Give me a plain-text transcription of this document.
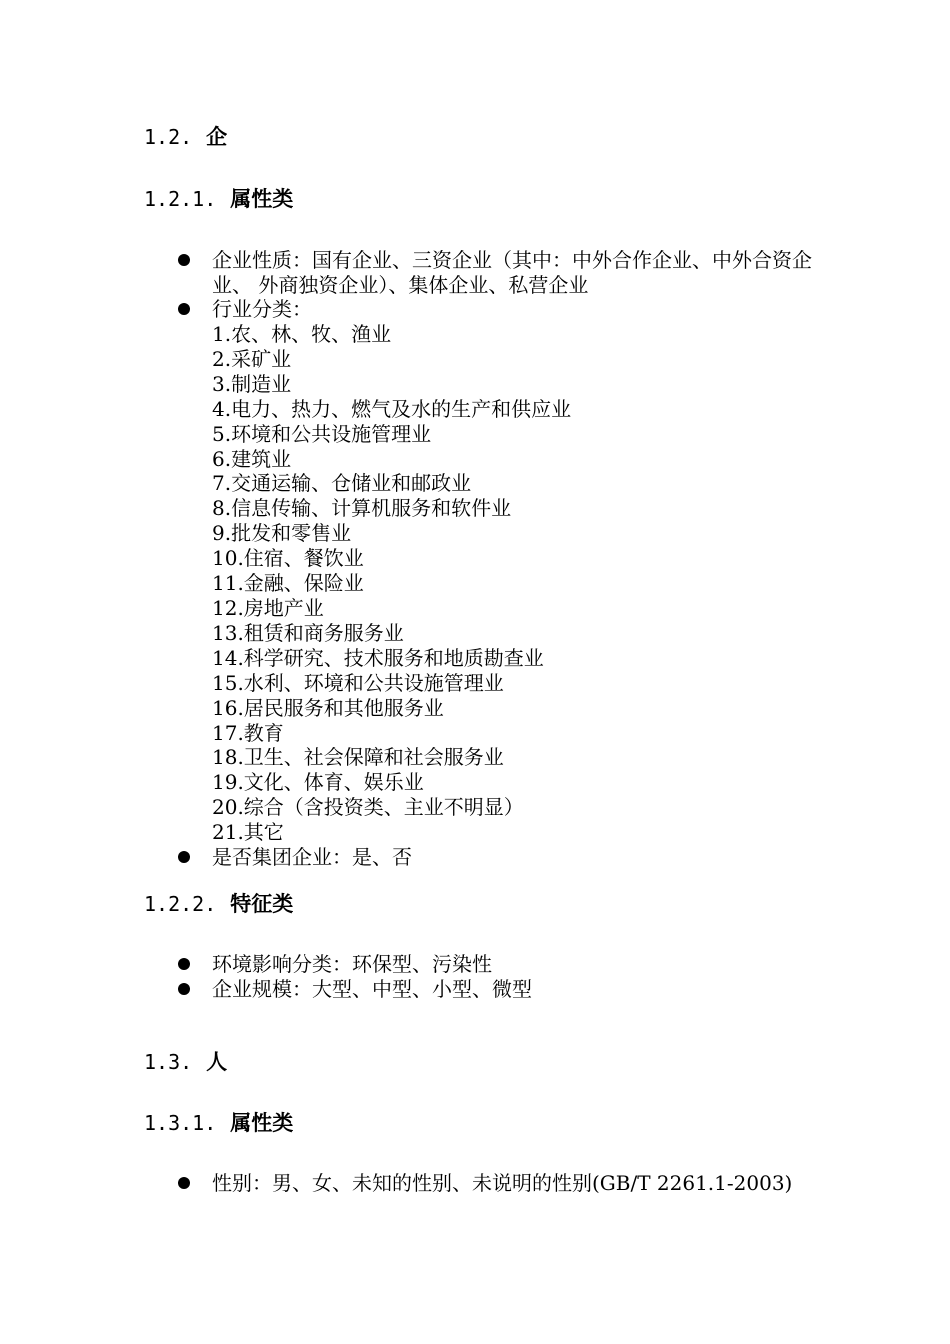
1.2. 企
1.2.1. 属性类
企业性质：国有企业、三资企业（其中：中外合作企业、中外合资企业、 外商独资企业）、集体企业、私营企业
行业分类：
1.农、林、牧、渔业
2.采矿业
3.制造业
4.电力、热力、燃气及水的生产和供应业
5.环境和公共设施管理业
6.建筑业
7.交通运输、仓储业和邮政业
8.信息传输、计算机服务和软件业
9.批发和零售业
10.住宿、餐饮业
11.金融、保险业
12.房地产业
13.租赁和商务服务业
14.科学研究、技术服务和地质勘查业
15.水利、环境和公共设施管理业
16.居民服务和其他服务业
17.教育
18.卫生、社会保障和社会服务业
19.文化、体育、娱乐业
20.综合（含投资类、主业不明显）
21.其它
是否集团企业：是、否
1.2.2. 特征类
环境影响分类：环保型、污染性
企业规模：大型、中型、小型、微型
1.3. 人
1.3.1. 属性类
性别：男、女、未知的性别、未说明的性别(GB/T 2261.1-2003)
